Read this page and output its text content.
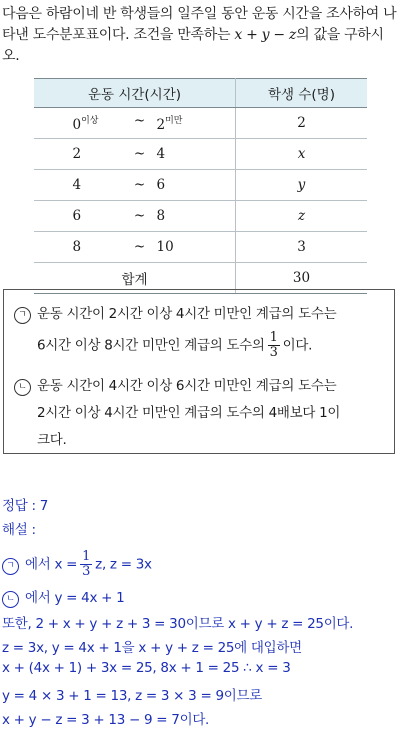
다음은 하람이네 반 학생들의 일주일 동안 운동 시간을 조사하여 나타낸 도수분포표이다. 조건을 만족하는 x + y − z의 값을 구하시오.
운동 시간(시간)	학생 수(명)

$0^{이상}$ ~ $2^{미만}$	2

2 ~ 4	x

4 ~ 6	y

6 ~ 8	z

8 ~ 10	3
합계	30
ㄱ 운동 시간이 2시간 이상 4시간 미만인 계급의 도수는
6시간 이상 8시간 미만인 계급의 도수의 $\frac{1}{3}$ 이다.
ㄴ 운동 시간이 4시간 이상 6시간 미만인 계급의 도수는
2시간 이상 4시간 미만인 계급의 도수의 4배보다 1이
크다.
정답 : 7
해설 :
ㄱ 에서 $x = \frac{1}{3} z$, z = 3x
ㄴ 에서 y = 4x + 1
또한, 2 + x + y + z + 3 = 30이므로 x + y + z = 25이다.
z = 3x, y = 4x + 1을 x + y + z = 25에 대입하면
x + (4x + 1) + 3x = 25, 8x + 1 = 25 ∴ x = 3
y = 4 × 3 + 1 = 13, z = 3 × 3 = 9이므로
x + y − z = 3 + 13 − 9 = 7이다.
